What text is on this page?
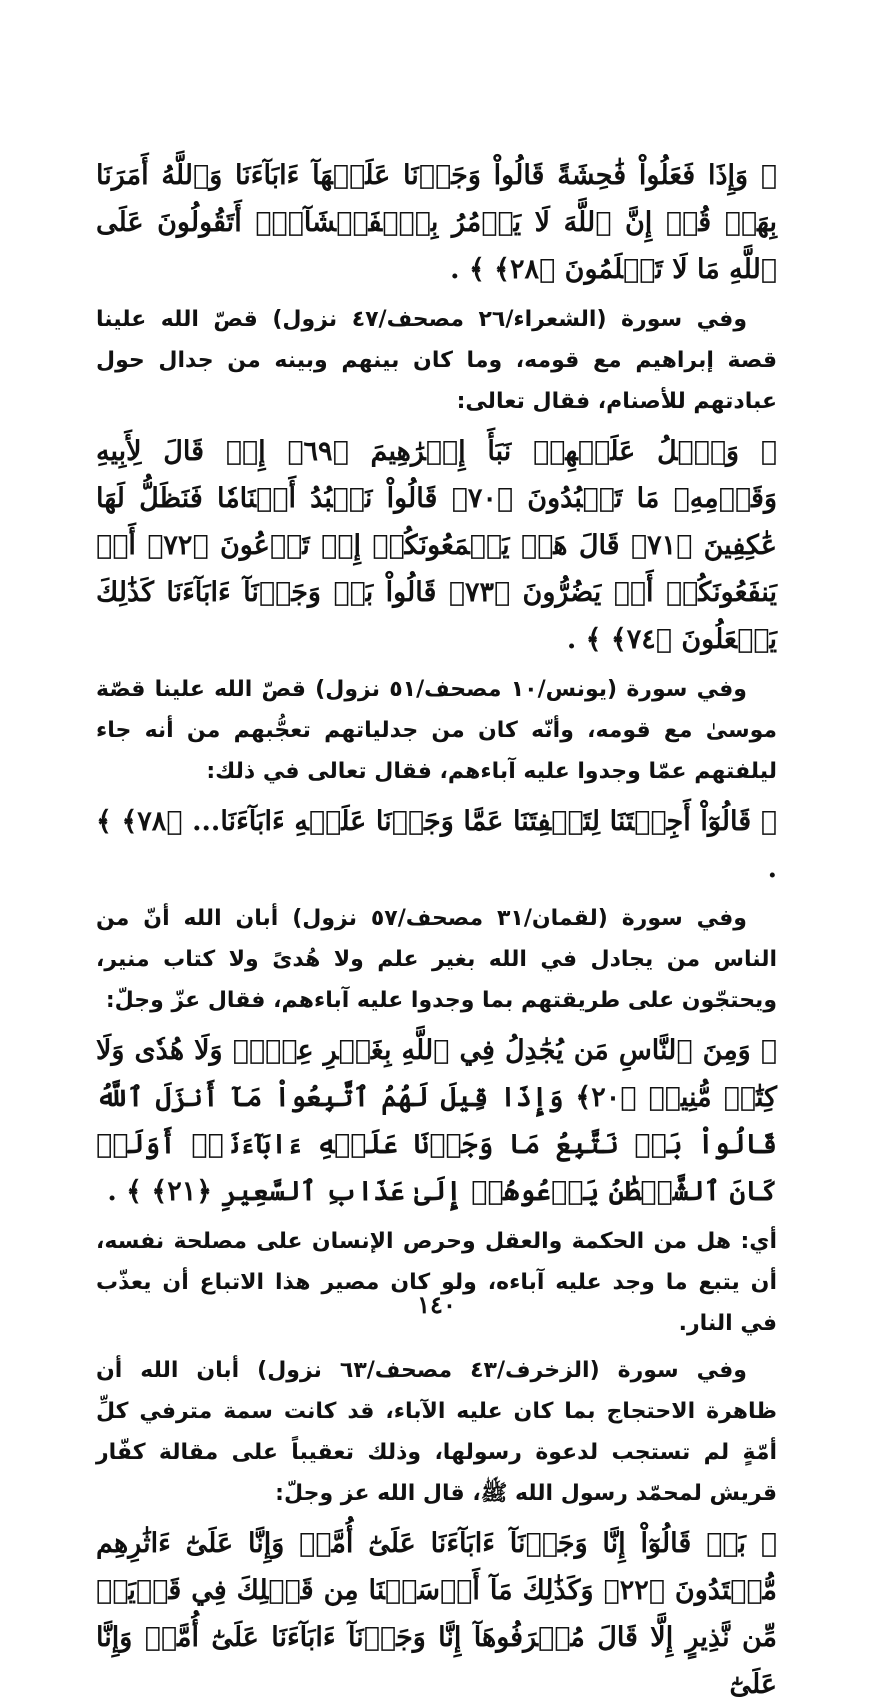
﴿ وَإِذَا فَعَلُواْ فَٰحِشَةً قَالُواْ وَجَدۡنَا عَلَيۡهَآ ءَابَآءَنَا وَٱللَّهُ أَمَرَنَا بِهَاۗ قُلۡ إِنَّ ٱللَّهَ لَا يَأۡمُرُ بِٱلۡفَحۡشَآءِۖ أَتَقُولُونَ عَلَى ٱللَّهِ مَا لَا تَعۡلَمُونَ ﴿٢٨﴾ ﴾ .

وفي سورة (الشعراء/٢٦ مصحف/٤٧ نزول) قصّ الله علينا قصة إبراهيم مع قومه، وما كان بينهم وبينه من جدال حول عبادتهم للأصنام، فقال تعالى:

﴿ وَٱتۡلُ عَلَيۡهِمۡ نَبَأَ إِبۡرَٰهِيمَ ﴿٦٩﴾ إِذۡ قَالَ لِأَبِيهِ وَقَوۡمِهِۦ مَا تَعۡبُدُونَ ﴿٧٠﴾ قَالُواْ نَعۡبُدُ أَصۡنَامٗا فَنَظَلُّ لَهَا عَٰكِفِينَ ﴿٧١﴾ قَالَ هَلۡ يَسۡمَعُونَكُمۡ إِذۡ تَدۡعُونَ ﴿٧٢﴾ أَوۡ يَنفَعُونَكُمۡ أَوۡ يَضُرُّونَ ﴿٧٣﴾ قَالُواْ بَلۡ وَجَدۡنَآ ءَابَآءَنَا كَذَٰلِكَ يَفۡعَلُونَ ﴿٧٤﴾ ﴾ .

وفي سورة (يونس/١٠ مصحف/٥١ نزول) قصّ الله علينا قصّة موسىٰ مع قومه، وأنّه كان من جدلياتهم تعجُّبهم من أنه جاء ليلفتهم عمّا وجدوا عليه آباءهم، فقال تعالى في ذلك:

﴿ قَالُوٓاْ أَجِئۡتَنَا لِتَلۡفِتَنَا عَمَّا وَجَدۡنَا عَلَيۡهِ ءَابَآءَنَا... ﴿٧٨﴾ ﴾ .

وفي سورة (لقمان/٣١ مصحف/٥٧ نزول) أبان الله أنّ من الناس من يجادل في الله بغير علم ولا هُدىً ولا كتاب منير، ويحتجّون على طريقتهم بما وجدوا عليه آباءهم، فقال عزّ وجلّ:

﴿ وَمِنَ ٱلنَّاسِ مَن يُجَٰدِلُ فِي ٱللَّهِ بِغَيۡرِ عِلۡمٖ وَلَا هُدٗى وَلَا كِتَٰبٖ مُّنِيرٖ ﴿٢٠﴾ وَإِذَا قِيلَ لَهُمُ ٱتَّبِعُواْ مَآ أَنزَلَ ٱللَّهُ قَالُواْ بَلۡ نَتَّبِعُ مَا وَجَدۡنَا عَلَيۡهِ ءَابَآءَنَآۚ أَوَلَوۡ كَانَ ٱلشَّيۡطَٰنُ يَدۡعُوهُمۡ إِلَىٰ عَذَابِ ٱلسَّعِيرِ ﴿٢١﴾ ﴾ .

أي: هل من الحكمة والعقل وحرص الإنسان على مصلحة نفسه، أن يتبع ما وجد عليه آباءه، ولو كان مصير هذا الاتباع أن يعذّب في النار.

وفي سورة (الزخرف/٤٣ مصحف/٦٣ نزول) أبان الله أن ظاهرة الاحتجاج بما كان عليه الآباء، قد كانت سمة مترفي كلِّ أمّةٍ لم تستجب لدعوة رسولها، وذلك تعقيباً على مقالة كفّار قريش لمحمّد رسول الله ﷺ، قال الله عز وجلّ:

﴿ بَلۡ قَالُوٓاْ إِنَّا وَجَدۡنَآ ءَابَآءَنَا عَلَىٰٓ أُمَّةٖ وَإِنَّا عَلَىٰٓ ءَاثَٰرِهِم مُّهۡتَدُونَ ﴿٢٢﴾ وَكَذَٰلِكَ مَآ أَرۡسَلۡنَا مِن قَبۡلِكَ فِي قَرۡيَةٖ مِّن نَّذِيرٍ إِلَّا قَالَ مُتۡرَفُوهَآ إِنَّا وَجَدۡنَآ ءَابَآءَنَا عَلَىٰٓ أُمَّةٖ وَإِنَّا عَلَىٰٓ

١٤٠
